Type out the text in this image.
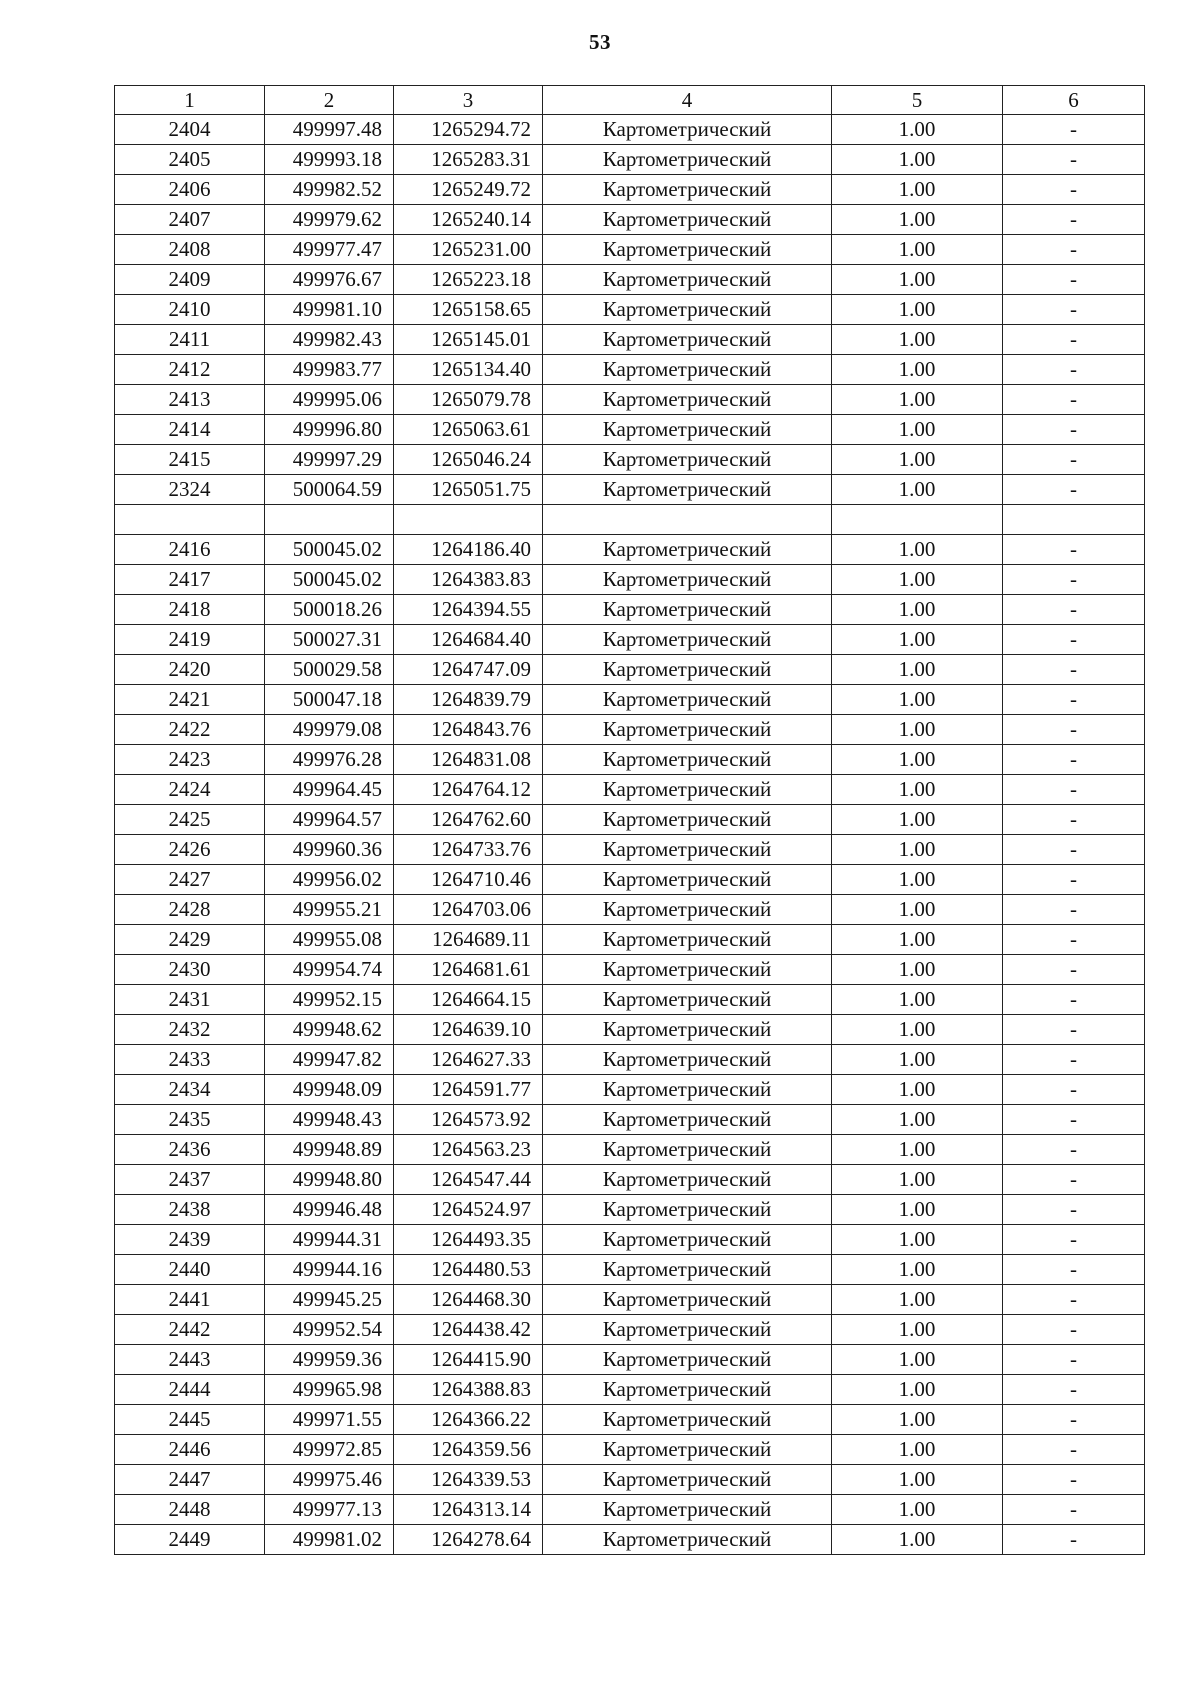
53
1	2	3	4	5	6
2404	499997.48	1265294.72	Картометрический	1.00	-
2405	499993.18	1265283.31	Картометрический	1.00	-
2406	499982.52	1265249.72	Картометрический	1.00	-
2407	499979.62	1265240.14	Картометрический	1.00	-
2408	499977.47	1265231.00	Картометрический	1.00	-
2409	499976.67	1265223.18	Картометрический	1.00	-
2410	499981.10	1265158.65	Картометрический	1.00	-
2411	499982.43	1265145.01	Картометрический	1.00	-
2412	499983.77	1265134.40	Картометрический	1.00	-
2413	499995.06	1265079.78	Картометрический	1.00	-
2414	499996.80	1265063.61	Картометрический	1.00	-
2415	499997.29	1265046.24	Картометрический	1.00	-
2324	500064.59	1265051.75	Картометрический	1.00	-

2416	500045.02	1264186.40	Картометрический	1.00	-
2417	500045.02	1264383.83	Картометрический	1.00	-
2418	500018.26	1264394.55	Картометрический	1.00	-
2419	500027.31	1264684.40	Картометрический	1.00	-
2420	500029.58	1264747.09	Картометрический	1.00	-
2421	500047.18	1264839.79	Картометрический	1.00	-
2422	499979.08	1264843.76	Картометрический	1.00	-
2423	499976.28	1264831.08	Картометрический	1.00	-
2424	499964.45	1264764.12	Картометрический	1.00	-
2425	499964.57	1264762.60	Картометрический	1.00	-
2426	499960.36	1264733.76	Картометрический	1.00	-
2427	499956.02	1264710.46	Картометрический	1.00	-
2428	499955.21	1264703.06	Картометрический	1.00	-
2429	499955.08	1264689.11	Картометрический	1.00	-
2430	499954.74	1264681.61	Картометрический	1.00	-
2431	499952.15	1264664.15	Картометрический	1.00	-
2432	499948.62	1264639.10	Картометрический	1.00	-
2433	499947.82	1264627.33	Картометрический	1.00	-
2434	499948.09	1264591.77	Картометрический	1.00	-
2435	499948.43	1264573.92	Картометрический	1.00	-
2436	499948.89	1264563.23	Картометрический	1.00	-
2437	499948.80	1264547.44	Картометрический	1.00	-
2438	499946.48	1264524.97	Картометрический	1.00	-
2439	499944.31	1264493.35	Картометрический	1.00	-
2440	499944.16	1264480.53	Картометрический	1.00	-
2441	499945.25	1264468.30	Картометрический	1.00	-
2442	499952.54	1264438.42	Картометрический	1.00	-
2443	499959.36	1264415.90	Картометрический	1.00	-
2444	499965.98	1264388.83	Картометрический	1.00	-
2445	499971.55	1264366.22	Картометрический	1.00	-
2446	499972.85	1264359.56	Картометрический	1.00	-
2447	499975.46	1264339.53	Картометрический	1.00	-
2448	499977.13	1264313.14	Картометрический	1.00	-
2449	499981.02	1264278.64	Картометрический	1.00	-
